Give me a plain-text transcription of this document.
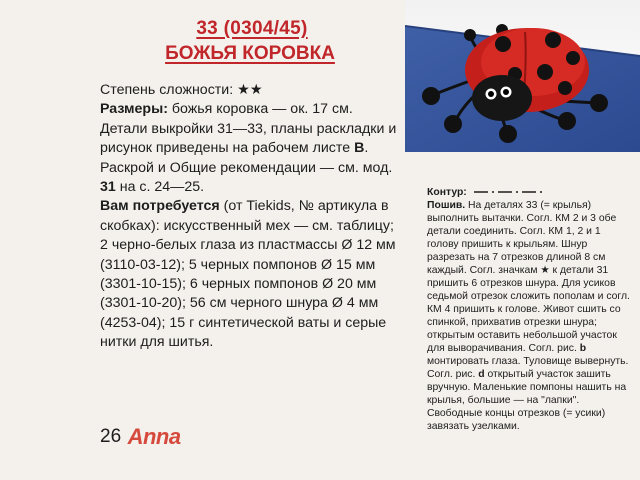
33 (0304/45)
БОЖЬЯ КОРОВКА

Степень сложности: ★★

Размеры: божья коровка — ок. 17 см. Детали выкройки 31—33, планы раскладки и рисунок приведены на рабочем листе В. Раскрой и Общие рекомендации — см. мод. 31 на с. 24—25.

Вам потребуется (от Tiekids, № артикула в скобках): искусственный мех — см. таблицу; 2 черно-белых глаза из пластмассы Ø 12 мм (3110-03-12); 5 черных помпонов Ø 15 мм (3301-10-15); 6 черных помпонов Ø 20 мм (3301-10-20); 56 см черного шнура Ø 4 мм (4253-04); 15 г синтетической ваты и серые нитки для шитья.

26 Anna

Контур:

Пошив. На деталях 33 (= крылья) выполнить вытачки. Согл. КМ 2 и 3 обе детали соединить. Согл. КМ 1, 2 и 1 голову пришить к крыльям. Шнур разрезать на 7 отрезков длиной 8 см каждый. Согл. значкам ★ к детали 31 пришить 6 отрезков шнура. Для усиков седьмой отрезок сложить пополам и согл. КМ 4 пришить к голове. Живот сшить со спинкой, прихватив отрезки шнура; открытым оставить небольшой участок для выворачивания. Согл. рис. b монтировать глаза. Туловище вывернуть. Согл. рис. d открытый участок зашить вручную. Маленькие помпоны нашить на крылья, большие — на "лапки". Свободные концы отрезков (= усики) завязать узелками.
